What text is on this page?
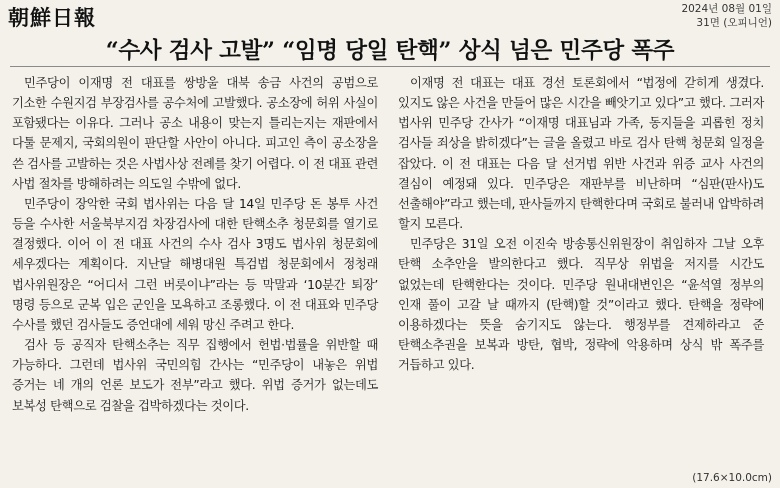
朝鮮日報	2024년 08월 01일
31면 (오피니언)
“수사 검사 고발” “임명 당일 탄핵” 상식 넘은 민주당 폭주

민주당이 이재명 전 대표를 쌍방울 대북 송금 사건의 공범으로 기소한 수원지검 부장검사를 공수처에 고발했다. 공소장에 허위 사실이 포함됐다는 이유다. 그러나 공소 내용이 맞는지 틀리는지는 재판에서 다툴 문제지, 국회의원이 판단할 사안이 아니다. 피고인 측이 공소장을 쓴 검사를 고발하는 것은 사법사상 전례를 찾기 어렵다. 이 전 대표 관련 사법 절차를 방해하려는 의도일 수밖에 없다.

민주당이 장악한 국회 법사위는 다음 달 14일 민주당 돈 봉투 사건 등을 수사한 서울북부지검 차장검사에 대한 탄핵소추 청문회를 열기로 결정했다. 이어 이 전 대표 사건의 수사 검사 3명도 법사위 청문회에 세우겠다는 계획이다. 지난달 해병대원 특검법 청문회에서 정청래 법사위원장은 “어디서 그런 버릇이냐”라는 등 막말과 ‘10분간 퇴장’ 명령 등으로 군복 입은 군인을 모욕하고 조롱했다. 이 전 대표와 민주당 수사를 했던 검사들도 증언대에 세워 망신 주려고 한다.

검사 등 공직자 탄핵소추는 직무 집행에서 헌법·법률을 위반할 때 가능하다. 그런데 법사위 국민의힘 간사는 “민주당이 내놓은 위법 증거는 네 개의 언론 보도가 전부”라고 했다. 위법 증거가 없는데도 보복성 탄핵으로 검찰을 겁박하겠다는 것이다.

이재명 전 대표는 대표 경선 토론회에서 “법정에 갇히게 생겼다. 있지도 않은 사건을 만들어 많은 시간을 빼앗기고 있다”고 했다. 그러자 법사위 민주당 간사가 “이재명 대표님과 가족, 동지들을 괴롭힌 정치 검사들 죄상을 밝히겠다”는 글을 올렸고 바로 검사 탄핵 청문회 일정을 잡았다. 이 전 대표는 다음 달 선거법 위반 사건과 위증 교사 사건의 결심이 예정돼 있다. 민주당은 재판부를 비난하며 “심판(판사)도 선출해야”라고 했는데, 판사들까지 탄핵한다며 국회로 불러내 압박하려 할지 모른다.

민주당은 31일 오전 이진숙 방송통신위원장이 취임하자 그날 오후 탄핵 소추안을 발의한다고 했다. 직무상 위법을 저지를 시간도 없었는데 탄핵한다는 것이다. 민주당 원내대변인은 “윤석열 정부의 인재 풀이 고갈 날 때까지 (탄핵)할 것”이라고 했다. 탄핵을 정략에 이용하겠다는 뜻을 숨기지도 않는다. 행정부를 견제하라고 준 탄핵소추권을 보복과 방탄, 협박, 정략에 악용하며 상식 밖 폭주를 거듭하고 있다.

(17.6×10.0cm)
